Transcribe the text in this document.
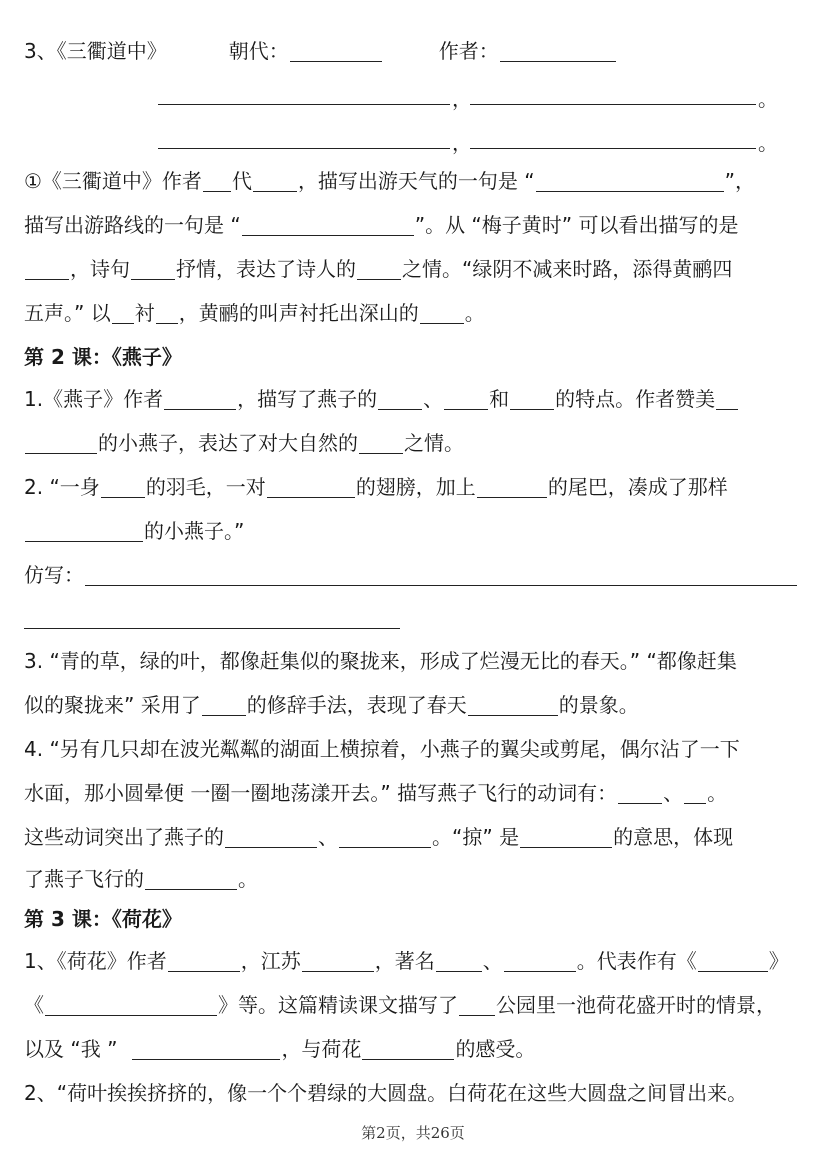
3、《三衢道中》	朝代：	作者：
，	。
，	。
①《三衢道中》作者 代 ，描写出游天气的一句是 “	”，
描写出游路线的一句是 “	”。从 “梅子黄时” 可以看出描写的是
，诗句 抒情，表达了诗人的 之情。“绿阴不减来时路，添得黄鹂四
五声。” 以 衬 ，黄鹂的叫声衬托出深山的 。
第 2 课：《燕子》
1.《燕子》作者	，描写了燕子的 、 和 的特点。作者赞美
的小燕子，表达了对大自然的 之情。
2. “一身 的羽毛，一对	的翅膀，加上	的尾巴，凑成了那样
的小燕子。”
仿写：
3. “青的草，绿的叶，都像赶集似的聚拢来，形成了烂漫无比的春天。” “都像赶集
似的聚拢来” 采用了 的修辞手法，表现了春天	的景象。
4. “另有几只却在波光粼粼的湖面上横掠着，小燕子的翼尖或剪尾，偶尔沾了一下
水面，那小圆晕便 一圈一圈地荡漾开去。” 描写燕子飞行的动词有： 、 。
这些动词突出了燕子的	、	。“掠” 是	的意思，体现
了燕子飞行的	。
第 3 课：《荷花》
1、《荷花》作者	，江苏	，著名 、	。代表作有《	》
《	》等。这篇精读课文描写了 公园里一池荷花盛开时的情景，
以及 “我 ”	，与荷花	的感受。
2、“荷叶挨挨挤挤的，像一个个碧绿的大圆盘。白荷花在这些大圆盘之间冒出来。
第2页，共26页
